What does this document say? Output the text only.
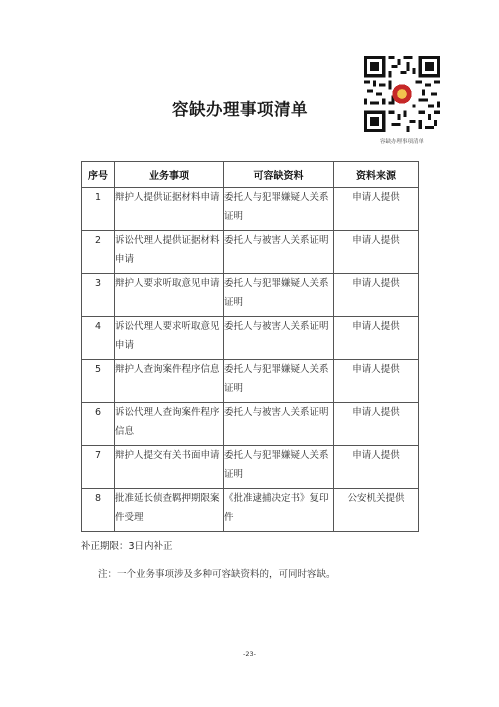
容缺办理事项清单
容缺办理事项清单
序号	业务事项	可容缺资料	资料来源
1	辩护人提供证据材料申请	委托人与犯罪嫌疑人关系证明	申请人提供
2	诉讼代理人提供证据材料申请	委托人与被害人关系证明	申请人提供
3	辩护人要求听取意见申请	委托人与犯罪嫌疑人关系证明	申请人提供
4	诉讼代理人要求听取意见申请	委托人与被害人关系证明	申请人提供
5	辩护人查询案件程序信息	委托人与犯罪嫌疑人关系证明	申请人提供
6	诉讼代理人查询案件程序信息	委托人与被害人关系证明	申请人提供
7	辩护人提交有关书面申请	委托人与犯罪嫌疑人关系证明	申请人提供
8	批准延长侦查羁押期限案件受理	《批准逮捕决定书》复印件	公安机关提供
补正期限：3日内补正
注：一个业务事项涉及多种可容缺资料的，可同时容缺。
-23-
